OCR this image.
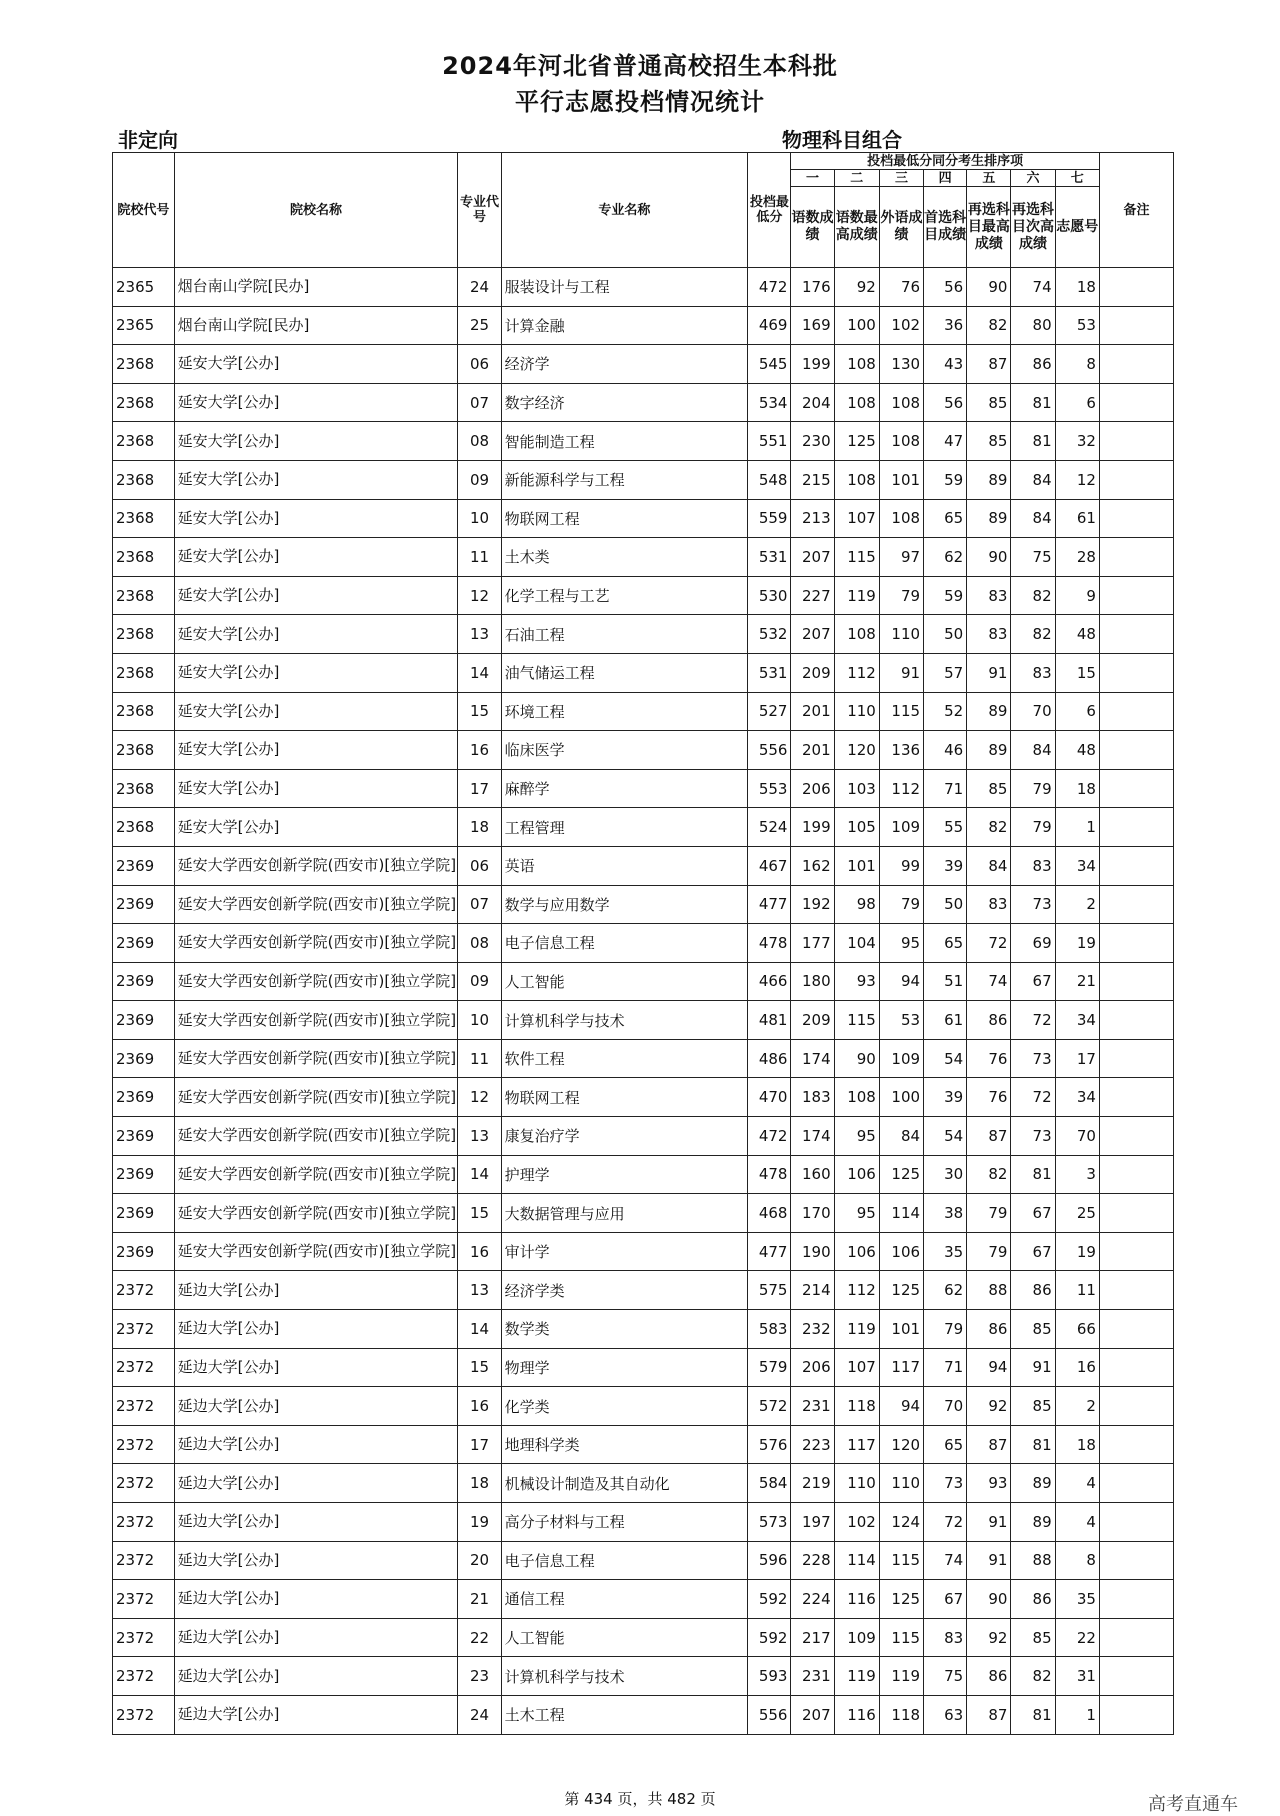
2024年河北省普通高校招生本科批
平行志愿投档情况统计
非定向	物理科目组合
院校代号	院校名称	专业代号	专业名称	投档最低分	投档最低分同分考生排序项							备注
					一	二	三	四	五	六	七	
					语数成绩	语数最高成绩	外语成绩	首选科目成绩	再选科目最高成绩	再选科目次高成绩	志愿号	
2365	烟台南山学院[民办]	24	服装设计与工程	472	176	92	76	56	90	74	18	
2365	烟台南山学院[民办]	25	计算金融	469	169	100	102	36	82	80	53	
2368	延安大学[公办]	06	经济学	545	199	108	130	43	87	86	8	
2368	延安大学[公办]	07	数字经济	534	204	108	108	56	85	81	6	
2368	延安大学[公办]	08	智能制造工程	551	230	125	108	47	85	81	32	
2368	延安大学[公办]	09	新能源科学与工程	548	215	108	101	59	89	84	12	
2368	延安大学[公办]	10	物联网工程	559	213	107	108	65	89	84	61	
2368	延安大学[公办]	11	土木类	531	207	115	97	62	90	75	28	
2368	延安大学[公办]	12	化学工程与工艺	530	227	119	79	59	83	82	9	
2368	延安大学[公办]	13	石油工程	532	207	108	110	50	83	82	48	
2368	延安大学[公办]	14	油气储运工程	531	209	112	91	57	91	83	15	
2368	延安大学[公办]	15	环境工程	527	201	110	115	52	89	70	6	
2368	延安大学[公办]	16	临床医学	556	201	120	136	46	89	84	48	
2368	延安大学[公办]	17	麻醉学	553	206	103	112	71	85	79	18	
2368	延安大学[公办]	18	工程管理	524	199	105	109	55	82	79	1	
2369	延安大学西安创新学院(西安市)[独立学院]	06	英语	467	162	101	99	39	84	83	34	
2369	延安大学西安创新学院(西安市)[独立学院]	07	数学与应用数学	477	192	98	79	50	83	73	2	
2369	延安大学西安创新学院(西安市)[独立学院]	08	电子信息工程	478	177	104	95	65	72	69	19	
2369	延安大学西安创新学院(西安市)[独立学院]	09	人工智能	466	180	93	94	51	74	67	21	
2369	延安大学西安创新学院(西安市)[独立学院]	10	计算机科学与技术	481	209	115	53	61	86	72	34	
2369	延安大学西安创新学院(西安市)[独立学院]	11	软件工程	486	174	90	109	54	76	73	17	
2369	延安大学西安创新学院(西安市)[独立学院]	12	物联网工程	470	183	108	100	39	76	72	34	
2369	延安大学西安创新学院(西安市)[独立学院]	13	康复治疗学	472	174	95	84	54	87	73	70	
2369	延安大学西安创新学院(西安市)[独立学院]	14	护理学	478	160	106	125	30	82	81	3	
2369	延安大学西安创新学院(西安市)[独立学院]	15	大数据管理与应用	468	170	95	114	38	79	67	25	
2369	延安大学西安创新学院(西安市)[独立学院]	16	审计学	477	190	106	106	35	79	67	19	
2372	延边大学[公办]	13	经济学类	575	214	112	125	62	88	86	11	
2372	延边大学[公办]	14	数学类	583	232	119	101	79	86	85	66	
2372	延边大学[公办]	15	物理学	579	206	107	117	71	94	91	16	
2372	延边大学[公办]	16	化学类	572	231	118	94	70	92	85	2	
2372	延边大学[公办]	17	地理科学类	576	223	117	120	65	87	81	18	
2372	延边大学[公办]	18	机械设计制造及其自动化	584	219	110	110	73	93	89	4	
2372	延边大学[公办]	19	高分子材料与工程	573	197	102	124	72	91	89	4	
2372	延边大学[公办]	20	电子信息工程	596	228	114	115	74	91	88	8	
2372	延边大学[公办]	21	通信工程	592	224	116	125	67	90	86	35	
2372	延边大学[公办]	22	人工智能	592	217	109	115	83	92	85	22	
2372	延边大学[公办]	23	计算机科学与技术	593	231	119	119	75	86	82	31	
2372	延边大学[公办]	24	土木工程	556	207	116	118	63	87	81	1	
第 434 页，共 482 页	高考直通车
